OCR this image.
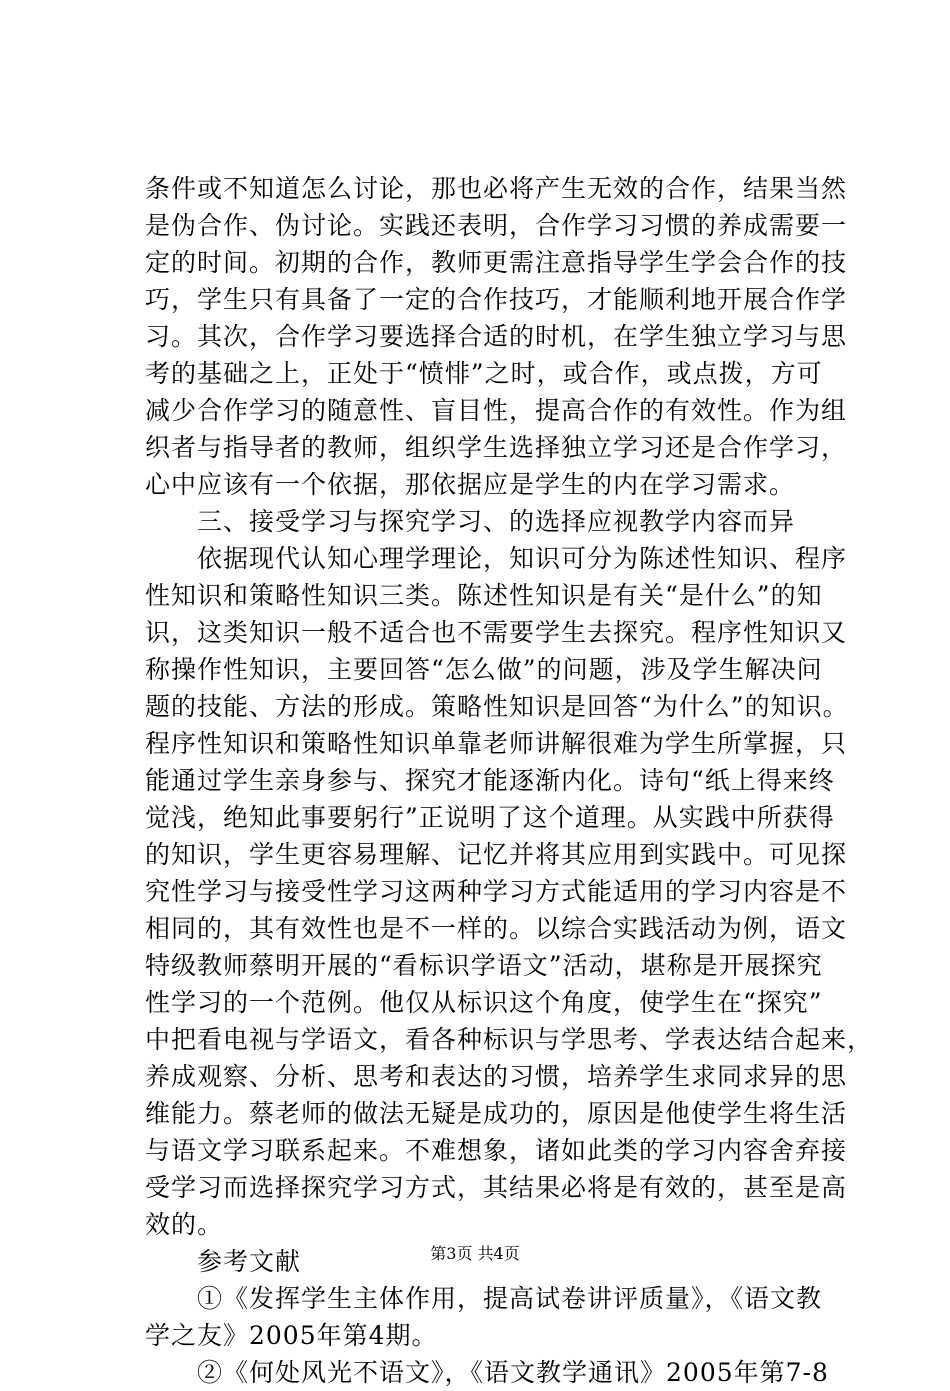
条件或不知道怎么讨论，那也必将产生无效的合作，结果当然
是伪合作、伪讨论。实践还表明，合作学习习惯的养成需要一
定的时间。初期的合作，教师更需注意指导学生学会合作的技
巧，学生只有具备了一定的合作技巧，才能顺利地开展合作学
习。其次，合作学习要选择合适的时机，在学生独立学习与思
考的基础之上，正处于“愤悱”之时，或合作，或点拨，方可
减少合作学习的随意性、盲目性，提高合作的有效性。作为组
织者与指导者的教师，组织学生选择独立学习还是合作学习，
心中应该有一个依据，那依据应是学生的内在学习需求。
　　三、接受学习与探究学习、的选择应视教学内容而异
　　依据现代认知心理学理论，知识可分为陈述性知识、程序
性知识和策略性知识三类。陈述性知识是有关“是什么”的知
识，这类知识一般不适合也不需要学生去探究。程序性知识又
称操作性知识，主要回答“怎么做”的问题，涉及学生解决问
题的技能、方法的形成。策略性知识是回答“为什么”的知识。
程序性知识和策略性知识单靠老师讲解很难为学生所掌握，只
能通过学生亲身参与、探究才能逐渐内化。诗句“纸上得来终
觉浅，绝知此事要躬行”正说明了这个道理。从实践中所获得
的知识，学生更容易理解、记忆并将其应用到实践中。可见探
究性学习与接受性学习这两种学习方式能适用的学习内容是不
相同的，其有效性也是不一样的。以综合实践活动为例，语文
特级教师蔡明开展的“看标识学语文”活动，堪称是开展探究
性学习的一个范例。他仅从标识这个角度，使学生在“探究”
中把看电视与学语文，看各种标识与学思考、学表达结合起来，
养成观察、分析、思考和表达的习惯，培养学生求同求异的思
维能力。蔡老师的做法无疑是成功的，原因是他使学生将生活
与语文学习联系起来。不难想象，诸如此类的学习内容舍弃接
受学习而选择探究学习方式，其结果必将是有效的，甚至是高
效的。
　　参考文献
　　①《发挥学生主体作用，提高试卷讲评质量》，《语文教
学之友》2005年第4期。
　　②《何处风光不语文》，《语文教学通讯》2005年第7-8
第3页 共4页
